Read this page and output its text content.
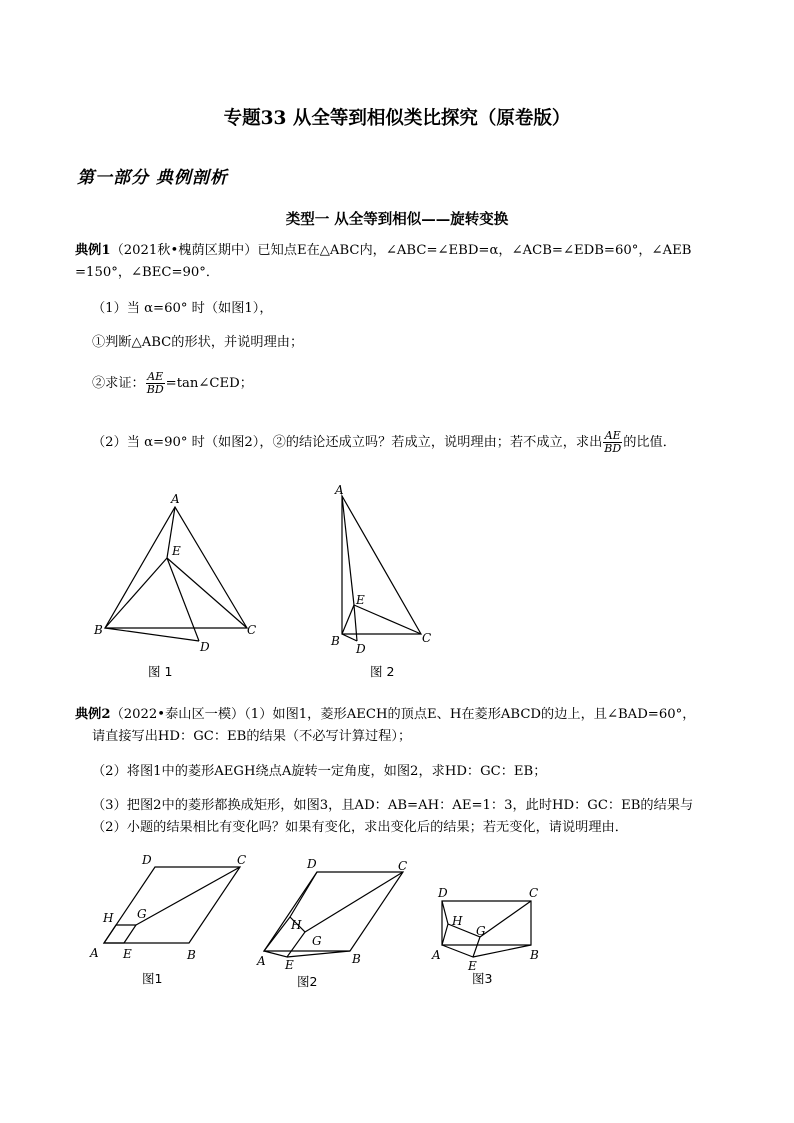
专题33 从全等到相似类比探究（原卷版）
第一部分 典例剖析
类型一 从全等到相似——旋转变换
典例1（2021秋•槐荫区期中）已知点E在△ABC内，∠ABC=∠EBD=α，∠ACB=∠EDB=60°，∠AEB
=150°，∠BEC=90°．
（1）当 α=60° 时（如图1），
①判断△ABC的形状，并说明理由；
②求证： $\frac{AE}{BD}$ =tan∠CED；
（2）当 α=90° 时（如图2），②的结论还成立吗？若成立，说明理由；若不成立，求出 $\frac{AE}{BD}$ 的比值．
A
B	C
D
E
图 1
A
B	C
D
E
图 2
典例2（2022•泰山区一模）（1）如图1，菱形AECH的顶点E、H在菱形ABCD的边上，且∠BAD=60°，
请直接写出HD：GC：EB的结果（不必写计算过程）；
（2）将图1中的菱形AEGH绕点A旋转一定角度，如图2，求HD：GC：EB；
（3）把图2中的菱形都换成矩形，如图3，且AD：AB=AH：AE=1：3，此时HD：GC：EB的结果与
（2）小题的结果相比有变化吗？如果有变化，求出变化后的结果；若无变化，请说明理由．
A	B
C
D
E
G
H
图1
A	B
C
D
E
G
H
图2
A	B
C
D
E
G
H
图3
